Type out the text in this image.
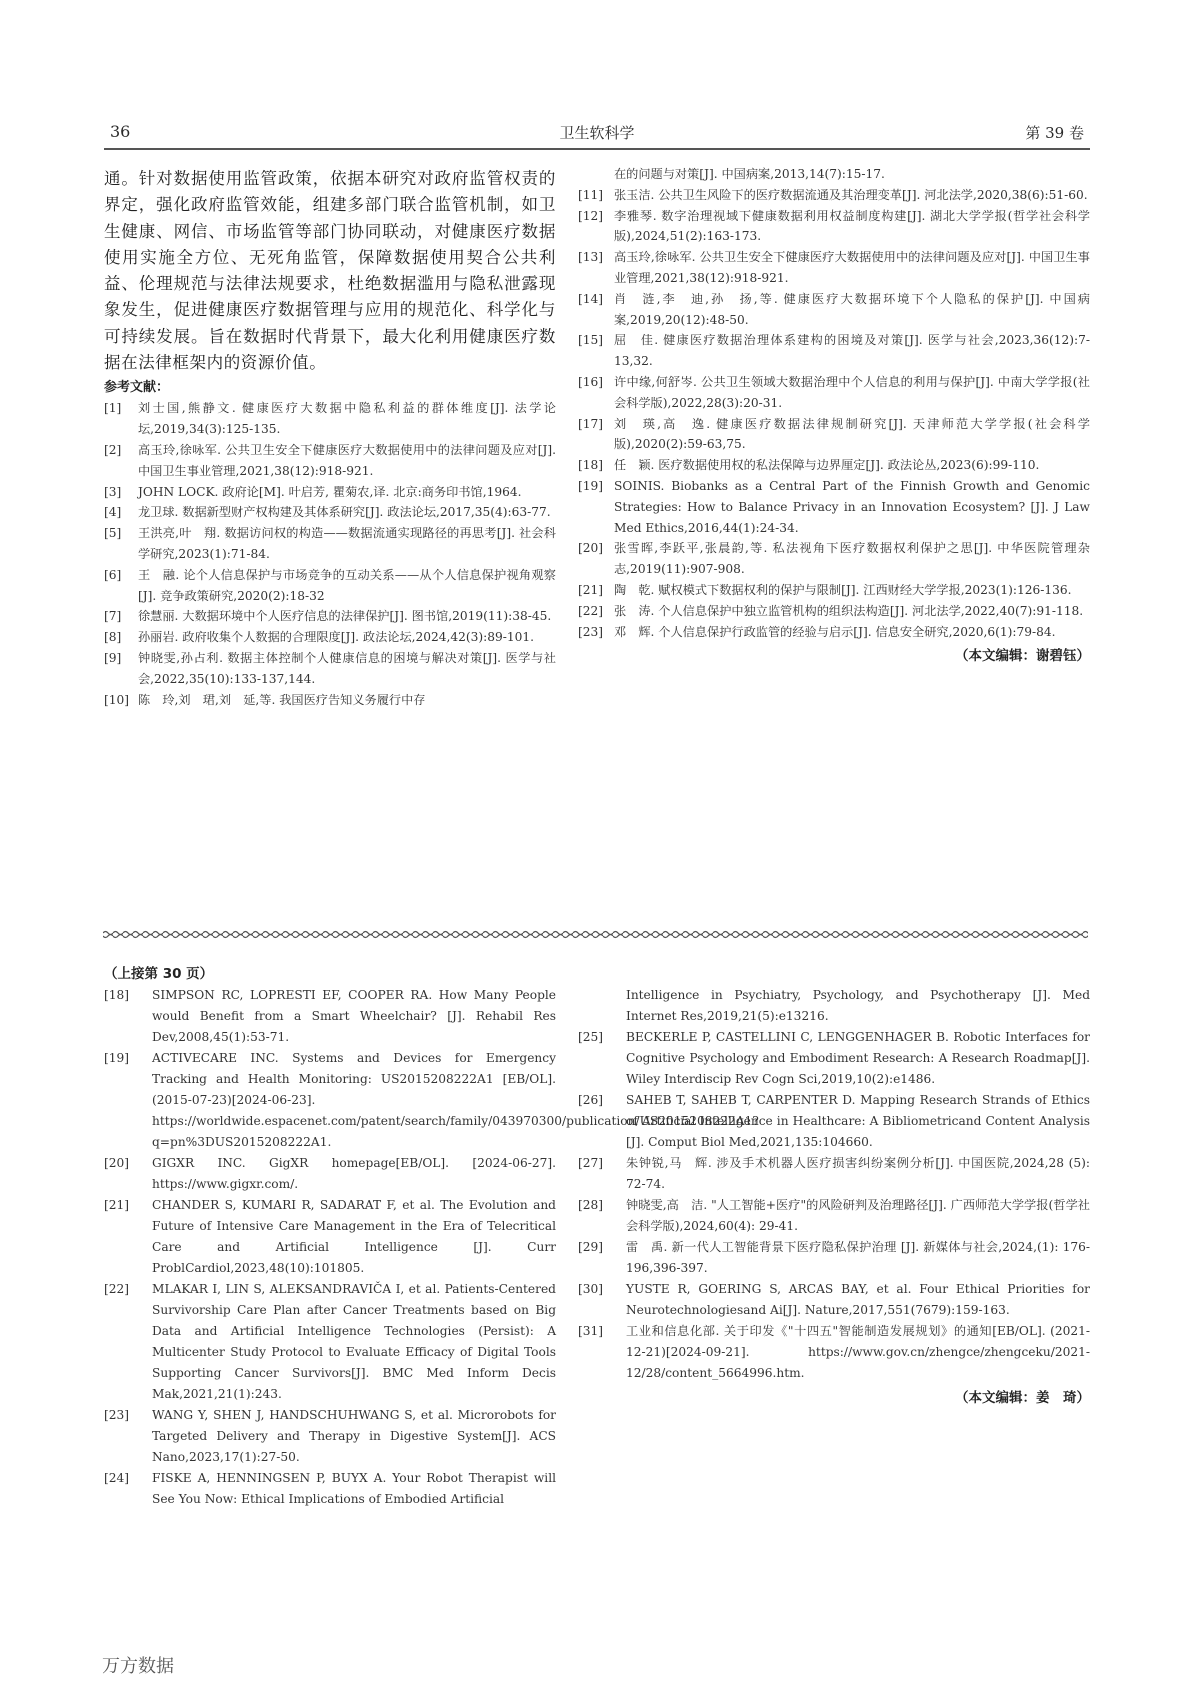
36	卫生软科学	第 39 卷
通。针对数据使用监管政策，依据本研究对政府监管权责的界定，强化政府监管效能，组建多部门联合监管机制，如卫生健康、网信、市场监管等部门协同联动，对健康医疗数据使用实施全方位、无死角监管，保障数据使用契合公共利益、伦理规范与法律法规要求，杜绝数据滥用与隐私泄露现象发生，促进健康医疗数据管理与应用的规范化、科学化与可持续发展。旨在数据时代背景下，最大化利用健康医疗数据在法律框架内的资源价值。
参考文献：
[1] 刘士国,熊静文. 健康医疗大数据中隐私利益的群体维度[J]. 法学论坛,2019,34(3):125-135.
[2] 高玉玲,徐咏军. 公共卫生安全下健康医疗大数据使用中的法律问题及应对[J]. 中国卫生事业管理,2021,38(12):918-921.
[3] JOHN LOCK. 政府论[M]. 叶启芳, 瞿菊农,译. 北京:商务印书馆,1964.
[4] 龙卫球. 数据新型财产权构建及其体系研究[J]. 政法论坛,2017,35(4):63-77.
[5] 王洪亮,叶　翔. 数据访问权的构造——数据流通实现路径的再思考[J]. 社会科学研究,2023(1):71-84.
[6] 王　融. 论个人信息保护与市场竞争的互动关系——从个人信息保护视角观察[J]. 竞争政策研究,2020(2):18-32
[7] 徐慧丽. 大数据环境中个人医疗信息的法律保护[J]. 图书馆,2019(11):38-45.
[8] 孙丽岩. 政府收集个人数据的合理限度[J]. 政法论坛,2024,42(3):89-101.
[9] 钟晓雯,孙占利. 数据主体控制个人健康信息的困境与解决对策[J]. 医学与社会,2022,35(10):133-137,144.
[10] 陈　玲,刘　珺,刘　延,等. 我国医疗告知义务履行中存
在的问题与对策[J]. 中国病案,2013,14(7):15-17.
[11] 张玉洁. 公共卫生风险下的医疗数据流通及其治理变革[J]. 河北法学,2020,38(6):51-60.
[12] 李雅琴. 数字治理视域下健康数据利用权益制度构建[J]. 湖北大学学报(哲学社会科学版),2024,51(2):163-173.
[13] 高玉玲,徐咏军. 公共卫生安全下健康医疗大数据使用中的法律问题及应对[J]. 中国卫生事业管理,2021,38(12):918-921.
[14] 肖　涟,李　迪,孙　扬,等. 健康医疗大数据环境下个人隐私的保护[J]. 中国病案,2019,20(12):48-50.
[15] 屈　佳. 健康医疗数据治理体系建构的困境及对策[J]. 医学与社会,2023,36(12):7-13,32.
[16] 许中缘,何舒岑. 公共卫生领域大数据治理中个人信息的利用与保护[J]. 中南大学学报(社会科学版),2022,28(3):20-31.
[17] 刘　瑛,高　逸. 健康医疗数据法律规制研究[J]. 天津师范大学学报(社会科学版),2020(2):59-63,75.
[18] 任　颖. 医疗数据使用权的私法保障与边界厘定[J]. 政法论丛,2023(6):99-110.
[19] SOINIS. Biobanks as a Central Part of the Finnish Growth and Genomic Strategies: How to Balance Privacy in an Innovation Ecosystem? [J]. J Law Med Ethics,2016,44(1):24-34.
[20] 张雪晖,李跃平,张晨韵,等. 私法视角下医疗数据权利保护之思[J]. 中华医院管理杂志,2019(11):907-908.
[21] 陶　乾. 赋权模式下数据权利的保护与限制[J]. 江西财经大学学报,2023(1):126-136.
[22] 张　涛. 个人信息保护中独立监管机构的组织法构造[J]. 河北法学,2022,40(7):91-118.
[23] 邓　辉. 个人信息保护行政监管的经验与启示[J]. 信息安全研究,2020,6(1):79-84.
（本文编辑：谢碧钰）
（上接第 30 页）
[18] SIMPSON RC, LOPRESTI EF, COOPER RA. How Many People would Benefit from a Smart Wheelchair? [J]. Rehabil Res Dev,2008,45(1):53-71.
[19] ACTIVECARE INC. Systems and Devices for Emergency Tracking and Health Monitoring: US2015208222A1 [EB/OL]. (2015-07-23)[2024-06-23]. https://worldwide.espacenet.com/patent/search/family/043970300/publication/US2015208222A1? q=pn%3DUS2015208222A1.
[20] GIGXR INC. GigXR homepage[EB/OL]. [2024-06-27]. https://www.gigxr.com/.
[21] CHANDER S, KUMARI R, SADARAT F, et al. The Evolution and Future of Intensive Care Management in the Era of Telecritical Care and Artificial Intelligence [J]. Curr ProblCardiol,2023,48(10):101805.
[22] MLAKAR I, LIN S, ALEKSANDRAVIČA I, et al. Patients-Centered Survivorship Care Plan after Cancer Treatments based on Big Data and Artificial Intelligence Technologies (Persist): A Multicenter Study Protocol to Evaluate Efficacy of Digital Tools Supporting Cancer Survivors[J]. BMC Med Inform Decis Mak,2021,21(1):243.
[23] WANG Y, SHEN J, HANDSCHUHWANG S, et al. Microrobots for Targeted Delivery and Therapy in Digestive System[J]. ACS Nano,2023,17(1):27-50.
[24] FISKE A, HENNINGSEN P, BUYX A. Your Robot Therapist will See You Now: Ethical Implications of Embodied Artificial
Intelligence in Psychiatry, Psychology, and Psychotherapy [J]. Med Internet Res,2019,21(5):e13216.
[25] BECKERLE P, CASTELLINI C, LENGGENHAGER B. Robotic Interfaces for Cognitive Psychology and Embodiment Research: A Research Roadmap[J]. Wiley Interdiscip Rev Cogn Sci,2019,10(2):e1486.
[26] SAHEB T, SAHEB T, CARPENTER D. Mapping Research Strands of Ethics of Artificial Intelligence in Healthcare: A Bibliometricand Content Analysis [J]. Comput Biol Med,2021,135:104660.
[27] 朱钟锐,马　辉. 涉及手术机器人医疗损害纠纷案例分析[J]. 中国医院,2024,28 (5): 72-74.
[28] 钟晓雯,高　洁. "人工智能+医疗"的风险研判及治理路径[J]. 广西师范大学学报(哲学社会科学版),2024,60(4): 29-41.
[29] 雷　禹. 新一代人工智能背景下医疗隐私保护治理 [J]. 新媒体与社会,2024,(1): 176-196,396-397.
[30] YUSTE R, GOERING S, ARCAS BAY, et al. Four Ethical Priorities for Neurotechnologiesand Ai[J]. Nature,2017,551(7679):159-163.
[31] 工业和信息化部. 关于印发《"十四五"智能制造发展规划》的通知[EB/OL]. (2021-12-21)[2024-09-21]. https://www.gov.cn/zhengce/zhengceku/2021-12/28/content_5664996.htm.
（本文编辑：姜　琦）
万方数据
